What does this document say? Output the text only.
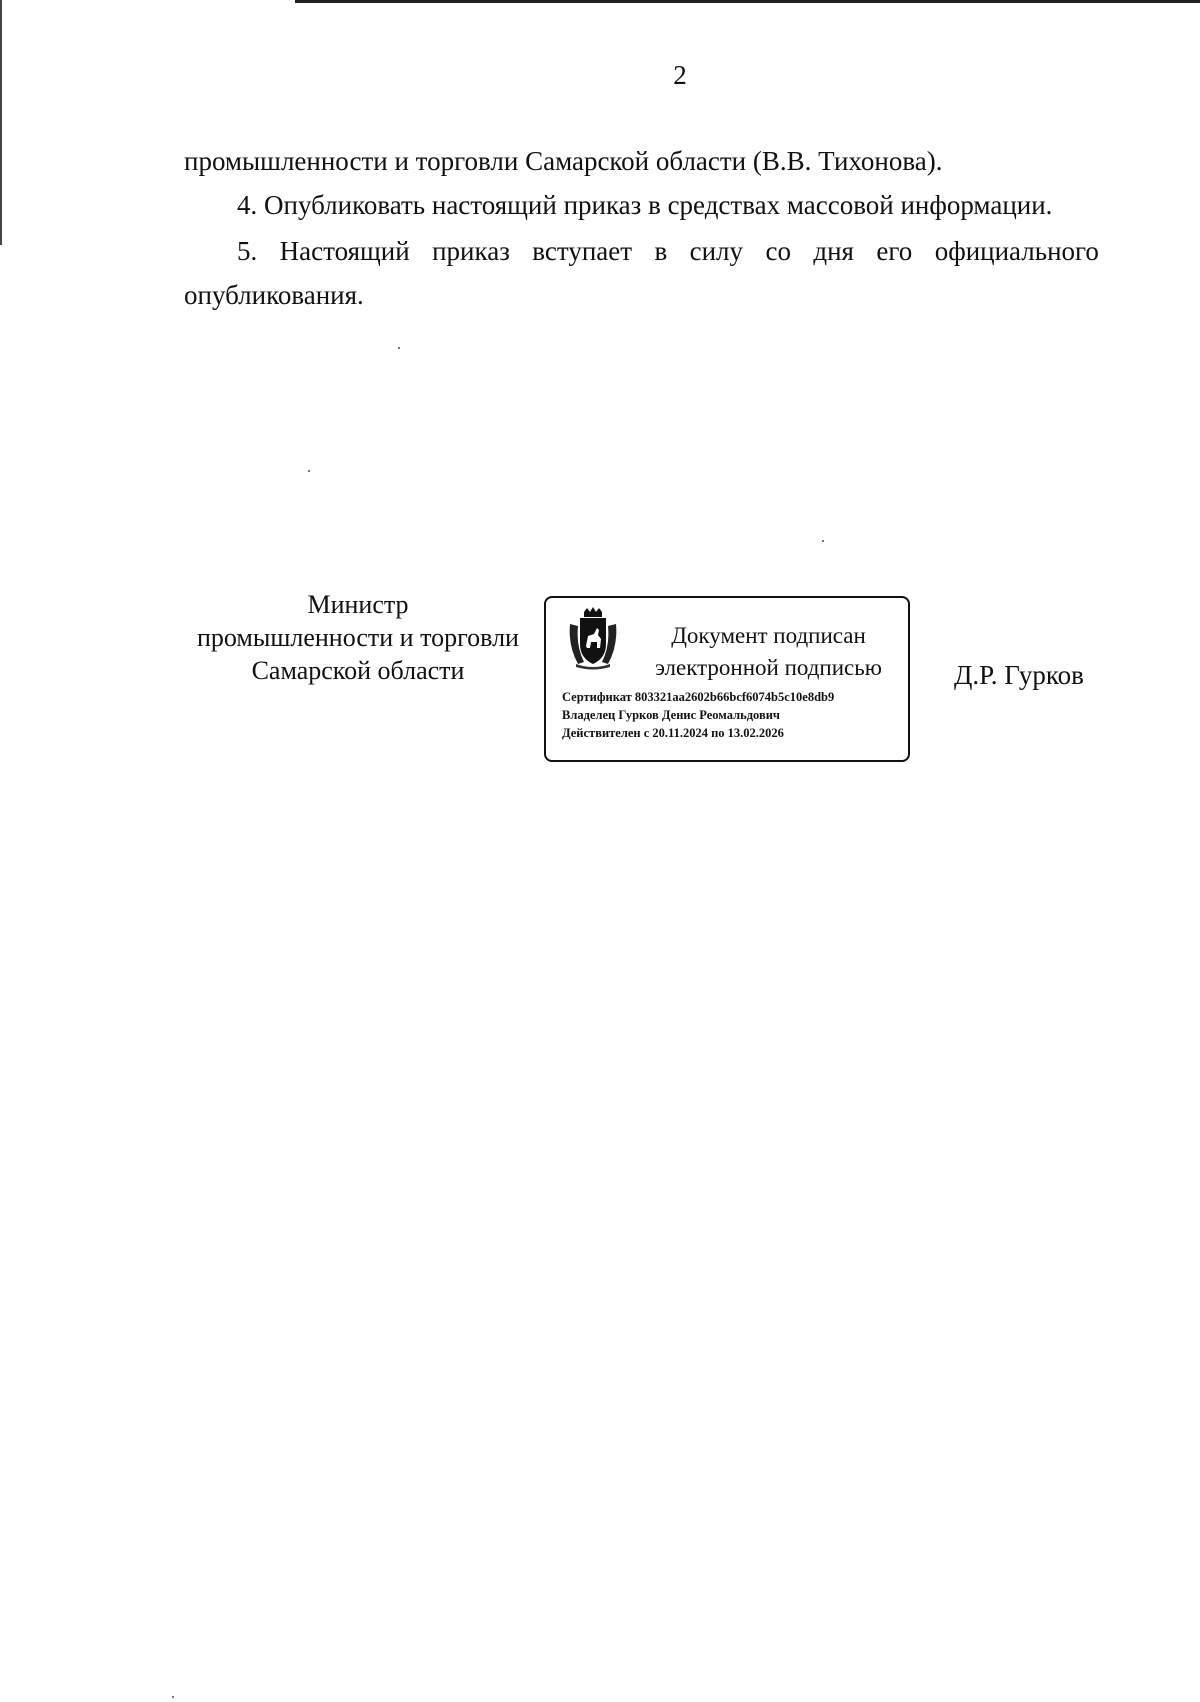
2
промышленности и торговли Самарской области (В.В. Тихонова).
4. Опубликовать настоящий приказ в средствах массовой информации.
5. Настоящий приказ вступает в силу со дня его официального
опубликования.
Министр
промышленности и торговли
Самарской области
Документ подписан
электронной подписью
Сертификат 803321aa2602b66bcf6074b5c10e8db9
Владелец Гурков Денис Реомальдович
Действителен с 20.11.2024 по 13.02.2026
Д.Р. Гурков
